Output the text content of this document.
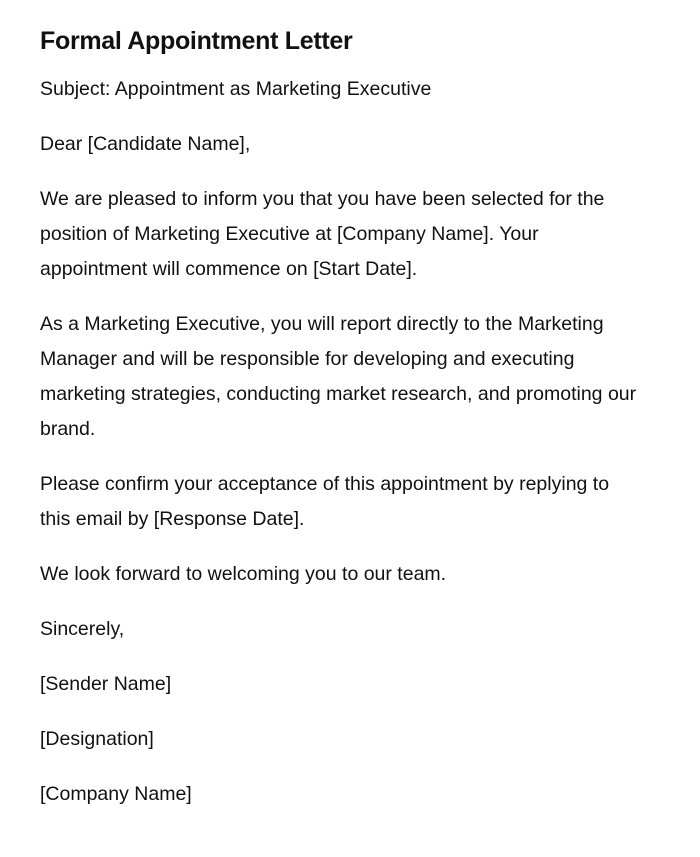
Formal Appointment Letter

Subject: Appointment as Marketing Executive

Dear [Candidate Name],

We are pleased to inform you that you have been selected for the position of Marketing Executive at [Company Name]. Your appointment will commence on [Start Date].

As a Marketing Executive, you will report directly to the Marketing Manager and will be responsible for developing and executing marketing strategies, conducting market research, and promoting our brand.

Please confirm your acceptance of this appointment by replying to this email by [Response Date].

We look forward to welcoming you to our team.

Sincerely,

[Sender Name]

[Designation]

[Company Name]
